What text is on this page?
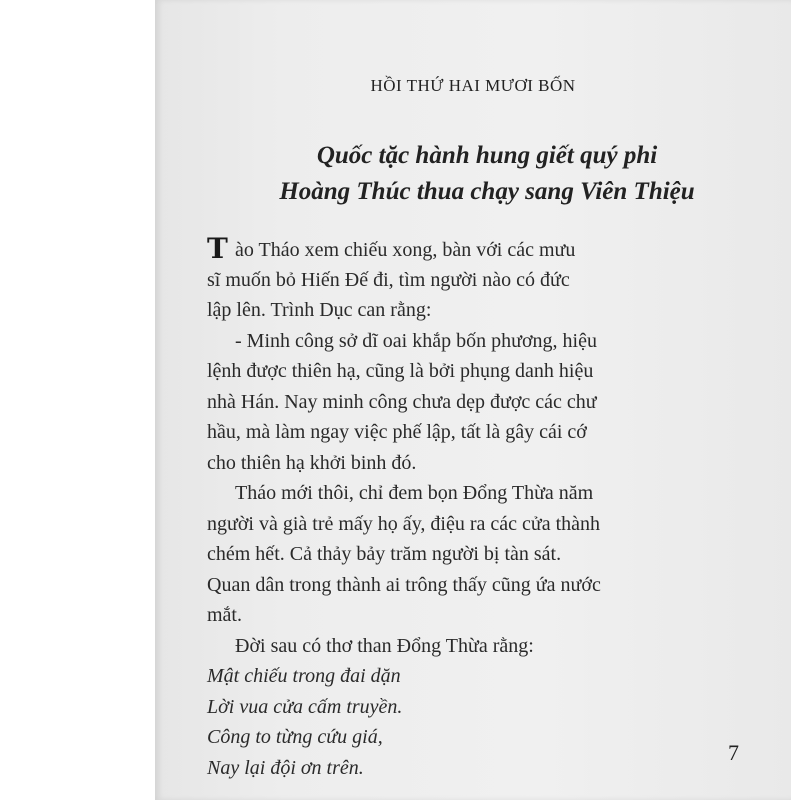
HỒI THỨ HAI MƯƠI BỐN
Quốc tặc hành hung giết quý phi
Hoàng Thúc thua chạy sang Viên Thiệu
T ào Tháo xem chiếu xong, bàn với các mưu
sĩ muốn bỏ Hiến Đế đi, tìm người nào có đức
lập lên. Trình Dục can rằng:
- Minh công sở dĩ oai khắp bốn phương, hiệu
lệnh được thiên hạ, cũng là bởi phụng danh hiệu
nhà Hán. Nay minh công chưa dẹp được các chư
hầu, mà làm ngay việc phế lập, tất là gây cái cớ
cho thiên hạ khởi binh đó.
Tháo mới thôi, chỉ đem bọn Đổng Thừa năm
người và già trẻ mấy họ ấy, điệu ra các cửa thành
chém hết. Cả thảy bảy trăm người bị tàn sát.
Quan dân trong thành ai trông thấy cũng ứa nước
mắt.
Đời sau có thơ than Đổng Thừa rằng:
Mật chiếu trong đai dặn
Lời vua cửa cấm truyền.
Công to từng cứu giá,
Nay lại đội ơn trên.
7
